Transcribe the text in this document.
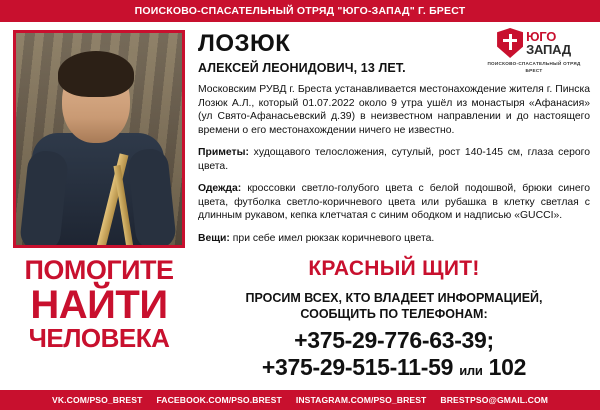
ПОИСКОВО-СПАСАТЕЛЬНЫЙ ОТРЯД "ЮГО-ЗАПАД" Г. БРЕСТ
ПОМОГИТЕ
НАЙТИ
ЧЕЛОВЕКА
ЛОЗЮК
АЛЕКСЕЙ ЛЕОНИДОВИЧ, 13 ЛЕТ.
ЮГО
ЗАПАД
ПОИСКОВО-СПАСАТЕЛЬНЫЙ ОТРЯД
БРЕСТ
Московским РУВД г. Бреста устанавливается местонахождение жителя г. Пинска Лозюк А.Л., который 01.07.2022 около 9 утра ушёл из монастыря «Афанасия» (ул Свято-Афанасьевский д.39) в неизвестном направлении и до настоящего времени о его местонахождении ничего не известно.
Приметы: худощавого телосложения, сутулый, рост 140-145 см, глаза серого цвета.
Одежда: кроссовки светло-голубого цвета с белой подошвой, брюки синего цвета, футболка светло-коричневого цвета или рубашка в клетку светлая с длинным рукавом, кепка клетчатая с синим ободком и надписью «GUCCI».
Вещи: при себе имел рюкзак коричневого цвета.
КРАСНЫЙ ЩИТ!
ПРОСИМ ВСЕХ, КТО ВЛАДЕЕТ ИНФОРМАЦИЕЙ,
СООБЩИТЬ ПО ТЕЛЕФОНАМ:
+375-29-776-63-39;
+375-29-515-11-59 или 102
VK.COM/PSO_BREST FACEBOOK.COM/PSO.BREST INSTAGRAM.COM/PSO_BREST BRESTPSO@GMAIL.COM
